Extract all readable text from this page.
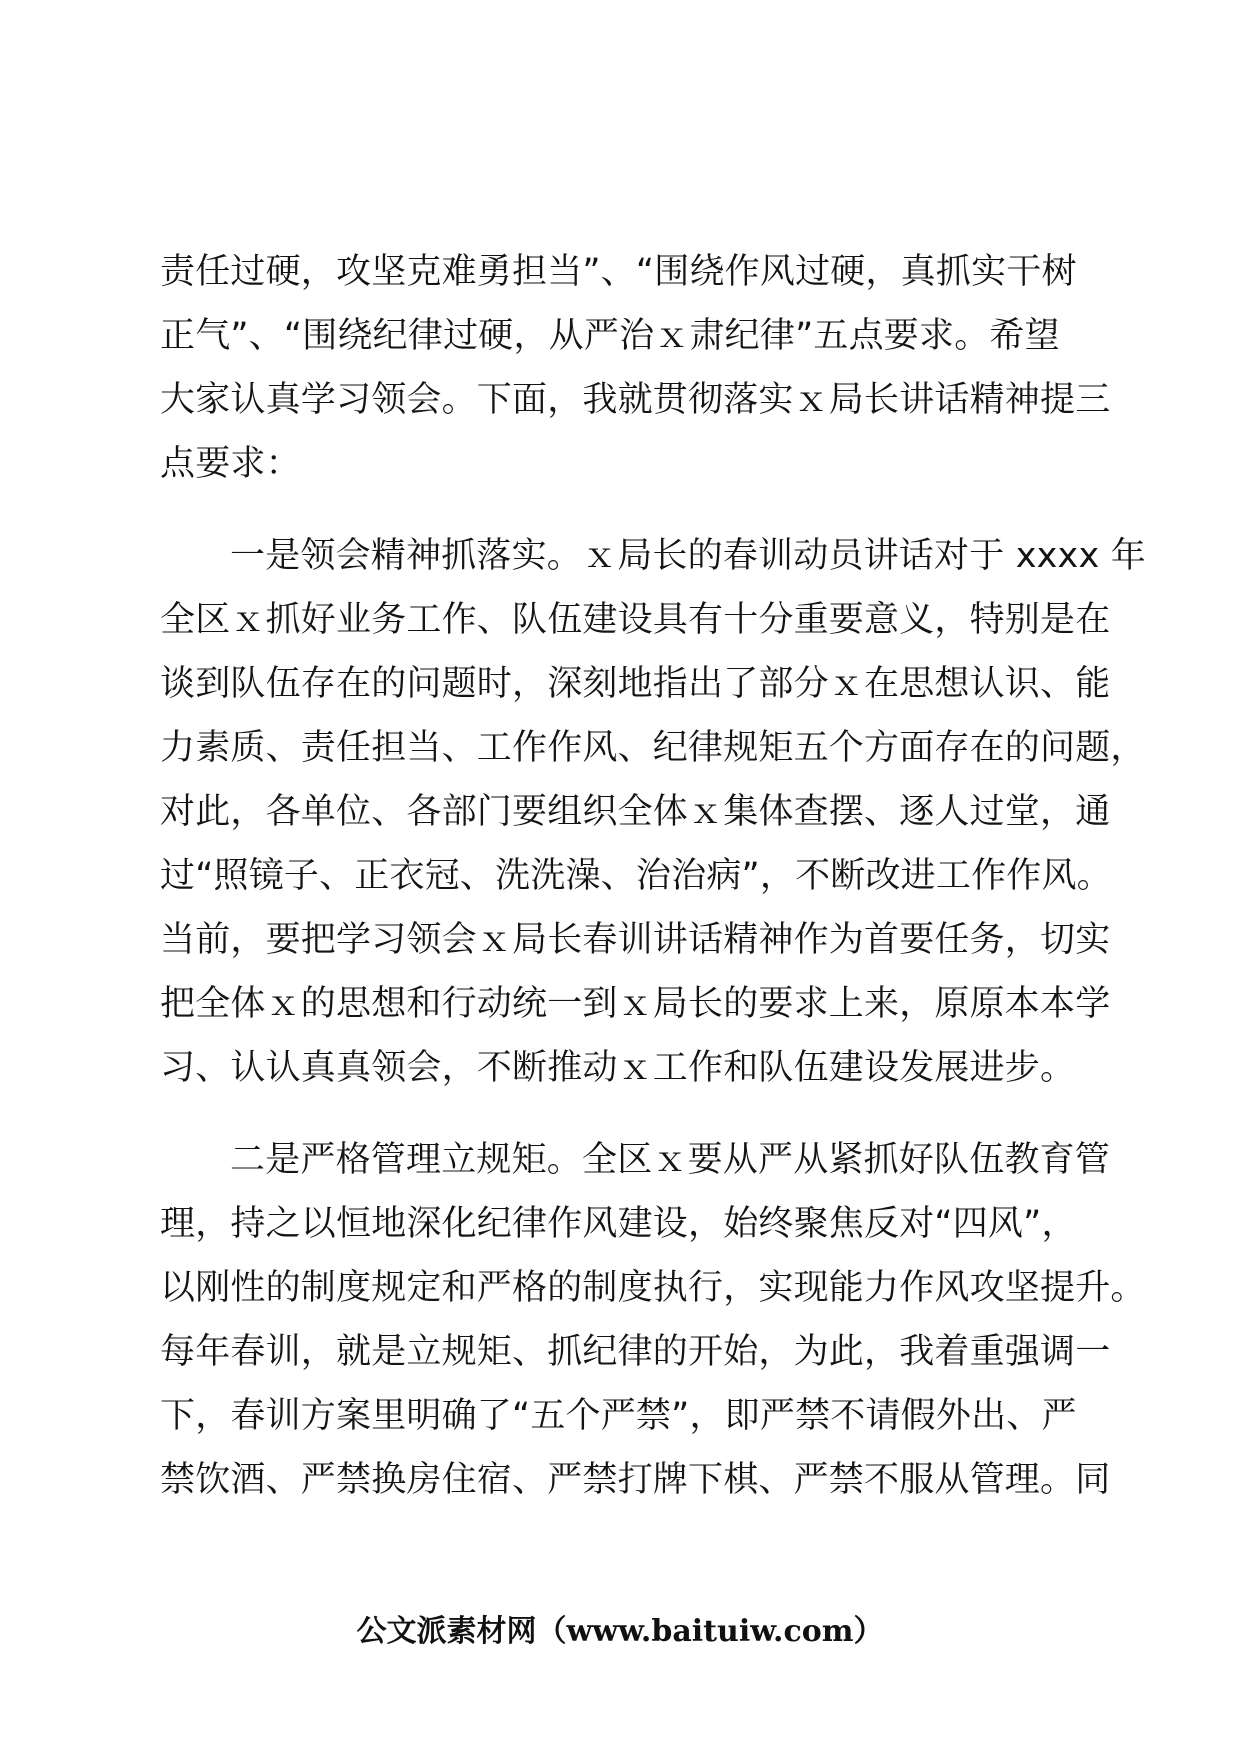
责任过硬，攻坚克难勇担当”、“围绕作风过硬，真抓实干树
正气”、“围绕纪律过硬，从严治ｘ肃纪律”五点要求。希望
大家认真学习领会。下面，我就贯彻落实ｘ局长讲话精神提三
点要求：
一是领会精神抓落实。ｘ局长的春训动员讲话对于 xxxx 年
全区ｘ抓好业务工作、队伍建设具有十分重要意义，特别是在
谈到队伍存在的问题时，深刻地指出了部分ｘ在思想认识、能
力素质、责任担当、工作作风、纪律规矩五个方面存在的问题，
对此，各单位、各部门要组织全体ｘ集体查摆、逐人过堂，通
过“照镜子、正衣冠、洗洗澡、治治病”，不断改进工作作风。
当前，要把学习领会ｘ局长春训讲话精神作为首要任务，切实
把全体ｘ的思想和行动统一到ｘ局长的要求上来，原原本本学
习、认认真真领会，不断推动ｘ工作和队伍建设发展进步。
二是严格管理立规矩。全区ｘ要从严从紧抓好队伍教育管
理，持之以恒地深化纪律作风建设，始终聚焦反对“四风”，
以刚性的制度规定和严格的制度执行，实现能力作风攻坚提升。
每年春训，就是立规矩、抓纪律的开始，为此，我着重强调一
下，春训方案里明确了“五个严禁”，即严禁不请假外出、严
禁饮酒、严禁换房住宿、严禁打牌下棋、严禁不服从管理。同
公文派素材网（www.baituiw.com）
